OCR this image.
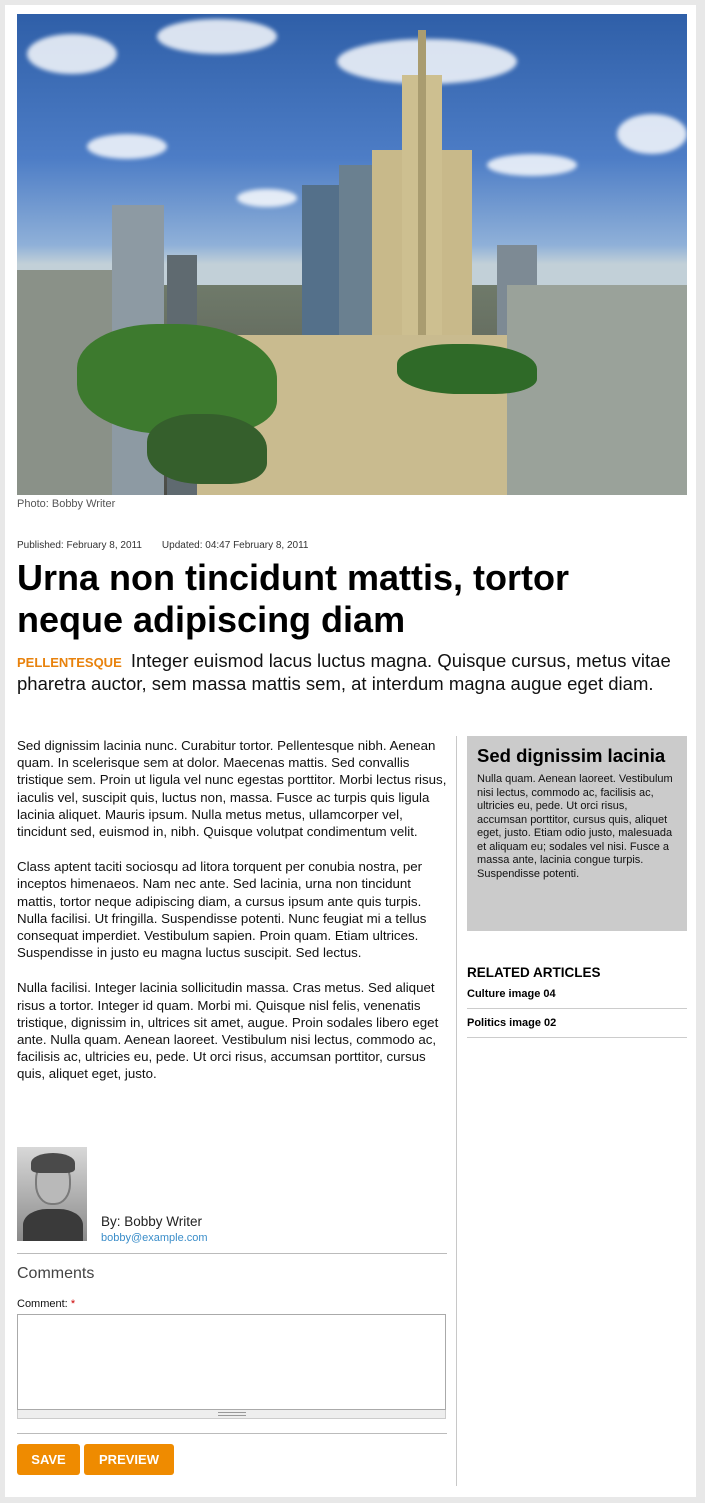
Photo: Bobby Writer
Published: February 8, 2011 Updated: 04:47 February 8, 2011
Urna non tincidunt mattis, tortor neque adipiscing diam
PELLENTESQUE Integer euismod lacus luctus magna. Quisque cursus, metus vitae pharetra auctor, sem massa mattis sem, at interdum magna augue eget diam.

Sed dignissim lacinia nunc. Curabitur tortor. Pellentesque nibh. Aenean quam. In scelerisque sem at dolor. Maecenas mattis. Sed convallis tristique sem. Proin ut ligula vel nunc egestas porttitor. Morbi lectus risus, iaculis vel, suscipit quis, luctus non, massa. Fusce ac turpis quis ligula lacinia aliquet. Mauris ipsum. Nulla metus metus, ullamcorper vel, tincidunt sed, euismod in, nibh. Quisque volutpat condimentum velit.

Class aptent taciti sociosqu ad litora torquent per conubia nostra, per inceptos himenaeos. Nam nec ante. Sed lacinia, urna non tincidunt mattis, tortor neque adipiscing diam, a cursus ipsum ante quis turpis. Nulla facilisi. Ut fringilla. Suspendisse potenti. Nunc feugiat mi a tellus consequat imperdiet. Vestibulum sapien. Proin quam. Etiam ultrices. Suspendisse in justo eu magna luctus suscipit. Sed lectus.

Nulla facilisi. Integer lacinia sollicitudin massa. Cras metus. Sed aliquet risus a tortor. Integer id quam. Morbi mi. Quisque nisl felis, venenatis tristique, dignissim in, ultrices sit amet, augue. Proin sodales libero eget ante. Nulla quam. Aenean laoreet. Vestibulum nisi lectus, commodo ac, facilisis ac, ultricies eu, pede. Ut orci risus, accumsan porttitor, cursus quis, aliquet eget, justo.

By: Bobby Writer
bobby@example.com
Comments
Comment: *
SAVE	PREVIEW
Sed dignissim lacinia

Nulla quam. Aenean laoreet. Vestibulum nisi lectus, commodo ac, facilisis ac, ultricies eu, pede. Ut orci risus, accumsan porttitor, cursus quis, aliquet eget, justo. Etiam odio justo, malesuada et aliquam eu; sodales vel nisi. Fusce a massa ante, lacinia congue turpis. Suspendisse potenti.

RELATED ARTICLES
Culture image 04
Politics image 02
